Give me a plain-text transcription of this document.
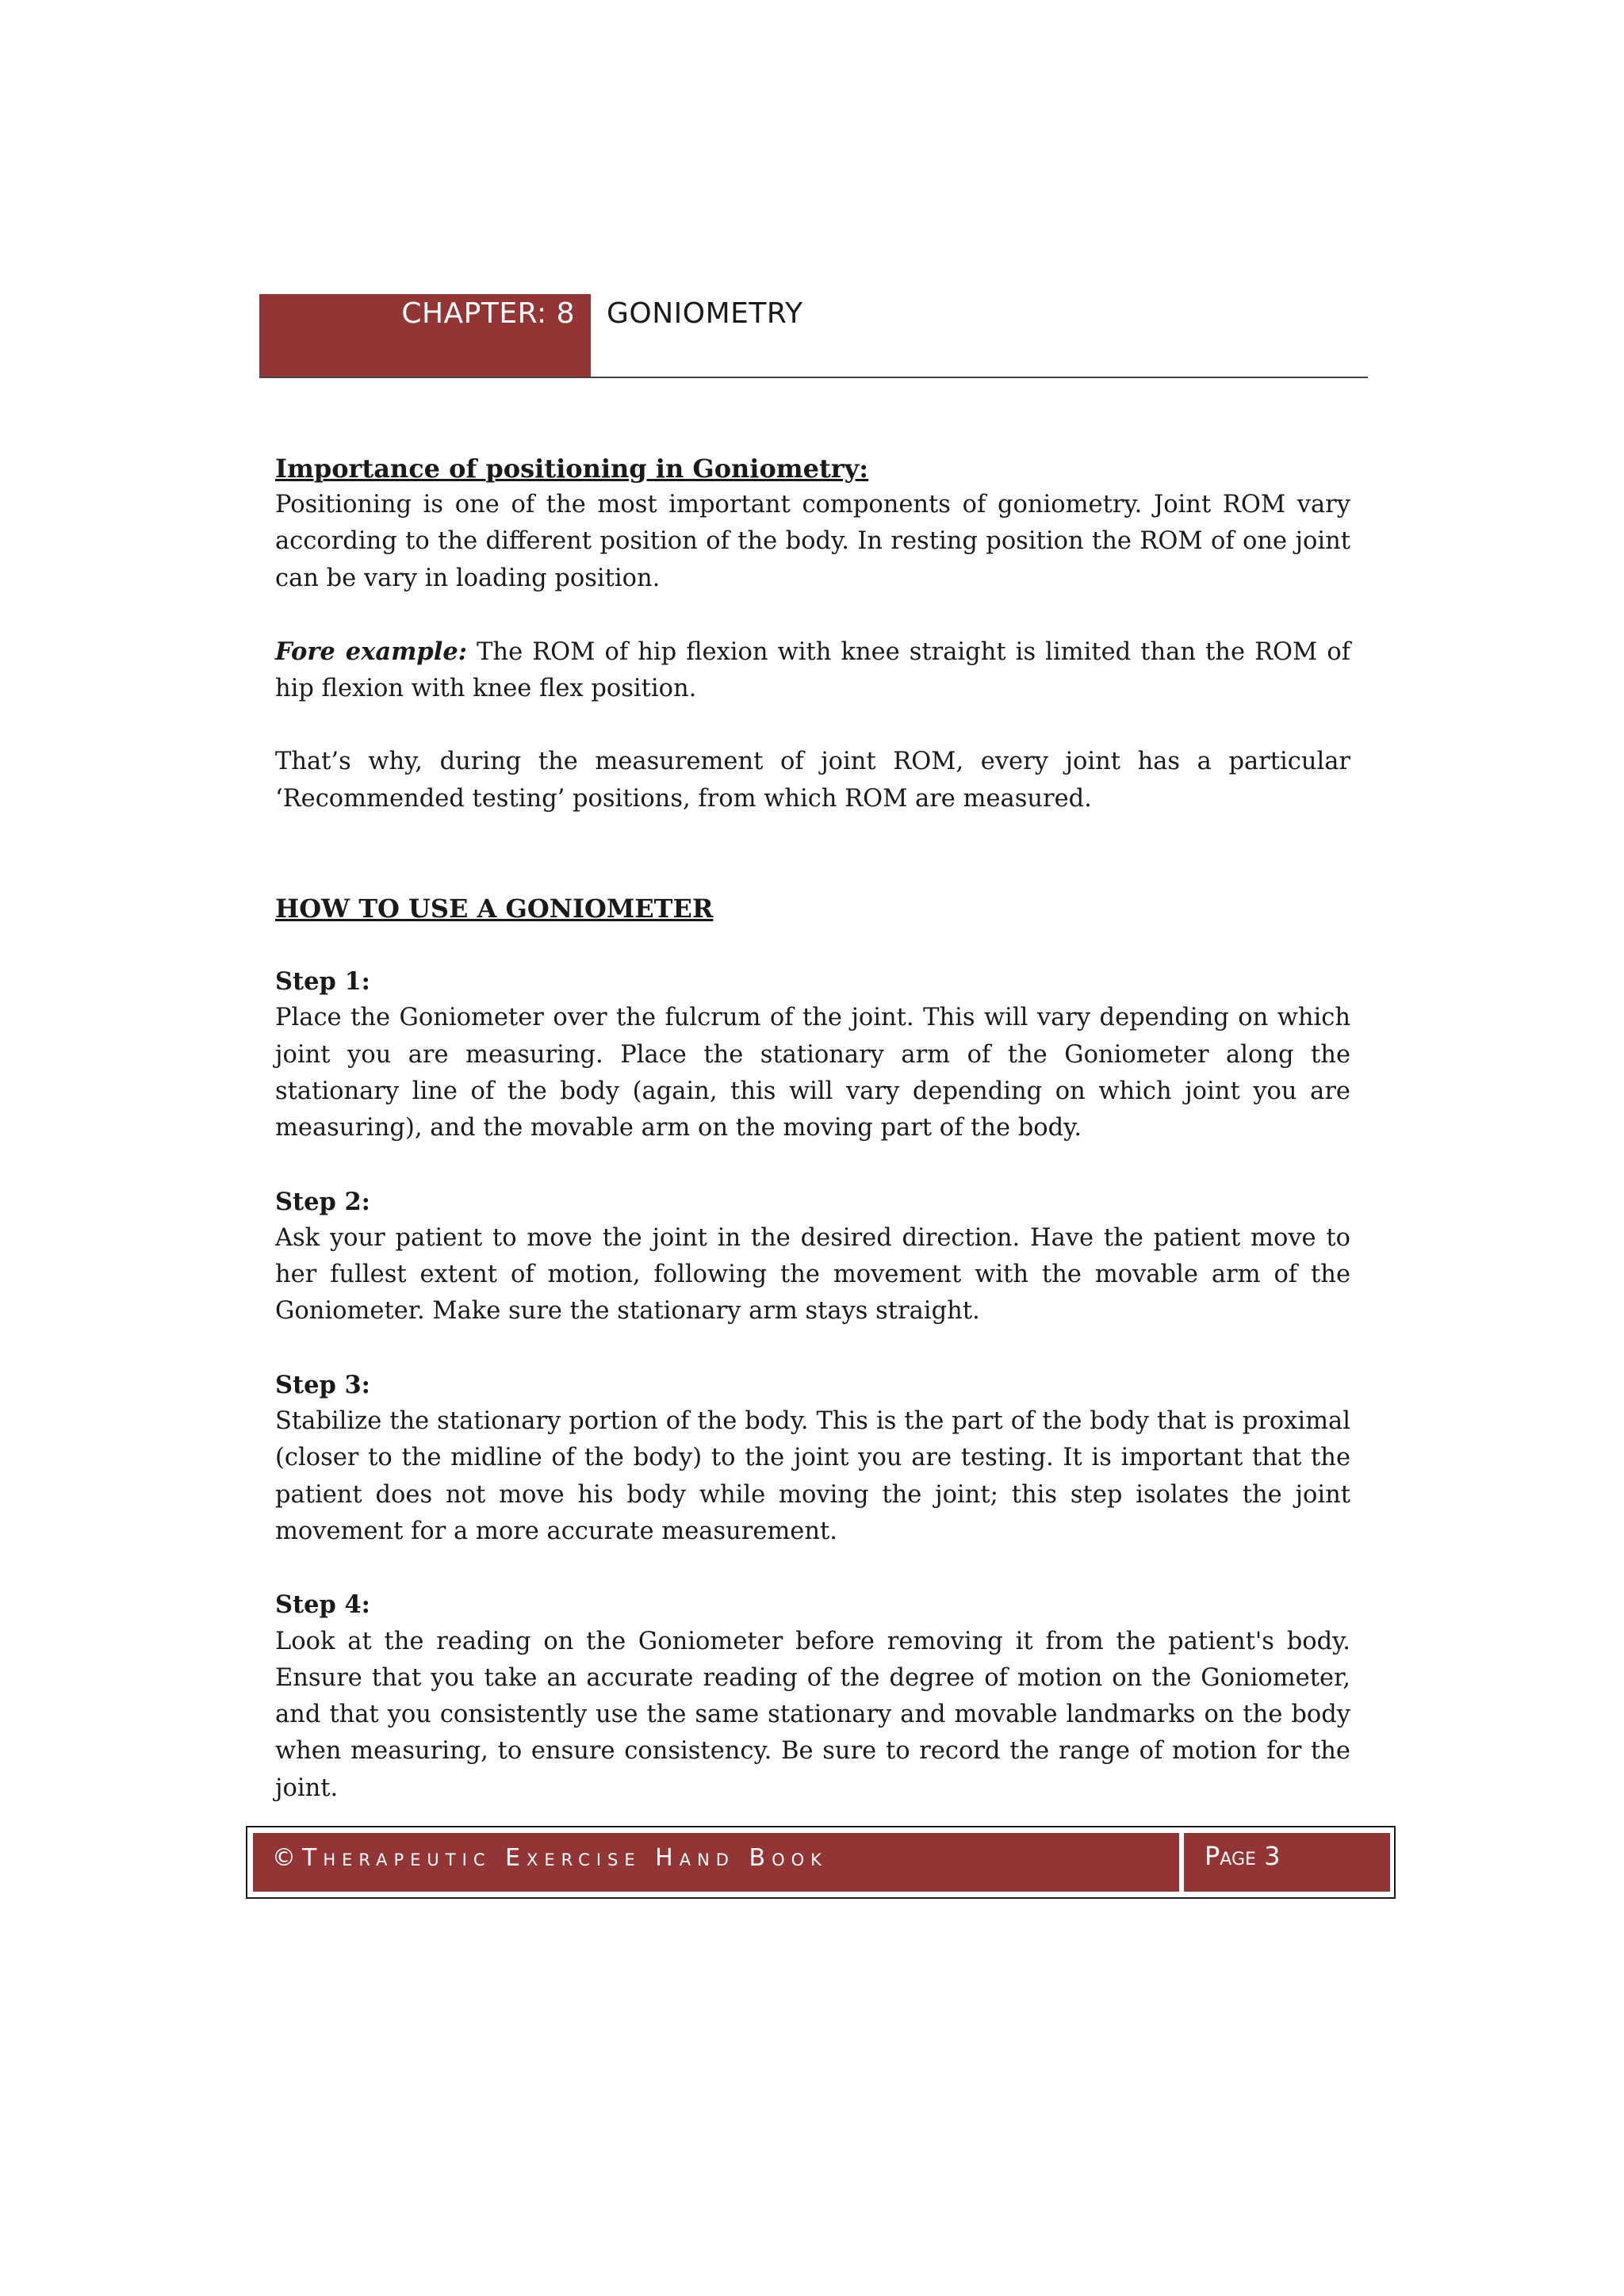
CHAPTER: 8 GONIOMETRY

Importance of positioning in Goniometry:

Positioning is one of the most important components of goniometry. Joint ROM vary according to the different position of the body. In resting position the ROM of one joint can be vary in loading position.

Fore example: The ROM of hip flexion with knee straight is limited than the ROM of hip flexion with knee flex position.

That’s why, during the measurement of joint ROM, every joint has a particular ‘Recommended testing’ positions, from which ROM are measured.

HOW TO USE A GONIOMETER

Step 1:

Place the Goniometer over the fulcrum of the joint. This will vary depending on which joint you are measuring. Place the stationary arm of the Goniometer along the stationary line of the body (again, this will vary depending on which joint you are measuring), and the movable arm on the moving part of the body.

Step 2:

Ask your patient to move the joint in the desired direction. Have the patient move to her fullest extent of motion, following the movement with the movable arm of the Goniometer. Make sure the stationary arm stays straight.

Step 3:

Stabilize the stationary portion of the body. This is the part of the body that is proximal (closer to the midline of the body) to the joint you are testing. It is important that the patient does not move his body while moving the joint; this step isolates the joint movement for a more accurate measurement.

Step 4:

Look at the reading on the Goniometer before removing it from the patient's body. Ensure that you take an accurate reading of the degree of motion on the Goniometer, and that you consistently use the same stationary and movable landmarks on the body when measuring, to ensure consistency. Be sure to record the range of motion for the joint.

©Therapeutic Exercise Hand Book	Page 3
